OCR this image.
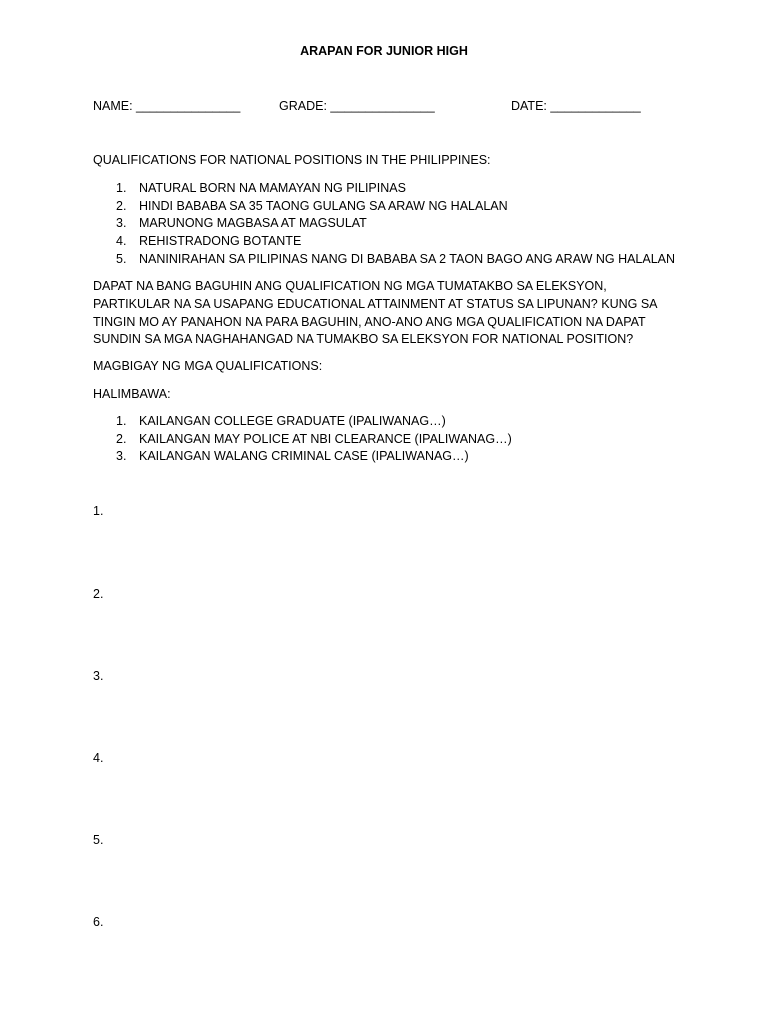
ARAPAN FOR JUNIOR HIGH
NAME: _______________	GRADE: _______________	DATE: _____________
QUALIFICATIONS FOR NATIONAL POSITIONS IN THE PHILIPPINES:
1. NATURAL BORN NA MAMAYAN NG PILIPINAS
2. HINDI BABABA SA 35 TAONG GULANG SA ARAW NG HALALAN
3. MARUNONG MAGBASA AT MAGSULAT
4. REHISTRADONG BOTANTE
5. NANINIRAHAN SA PILIPINAS NANG DI BABABA SA 2 TAON BAGO ANG ARAW NG HALALAN

DAPAT NA BANG BAGUHIN ANG QUALIFICATION NG MGA TUMATAKBO SA ELEKSYON, PARTIKULAR NA SA USAPANG EDUCATIONAL ATTAINMENT AT STATUS SA LIPUNAN? KUNG SA TINGIN MO AY PANAHON NA PARA BAGUHIN, ANO-ANO ANG MGA QUALIFICATION NA DAPAT SUNDIN SA MGA NAGHAHANGAD NA TUMAKBO SA ELEKSYON FOR NATIONAL POSITION?

MAGBIGAY NG MGA QUALIFICATIONS:
HALIMBAWA:
1. KAILANGAN COLLEGE GRADUATE (IPALIWANAG…)
2. KAILANGAN MAY POLICE AT NBI CLEARANCE (IPALIWANAG…)
3. KAILANGAN WALANG CRIMINAL CASE (IPALIWANAG…)
1.
2.
3.
4.
5.
6.
